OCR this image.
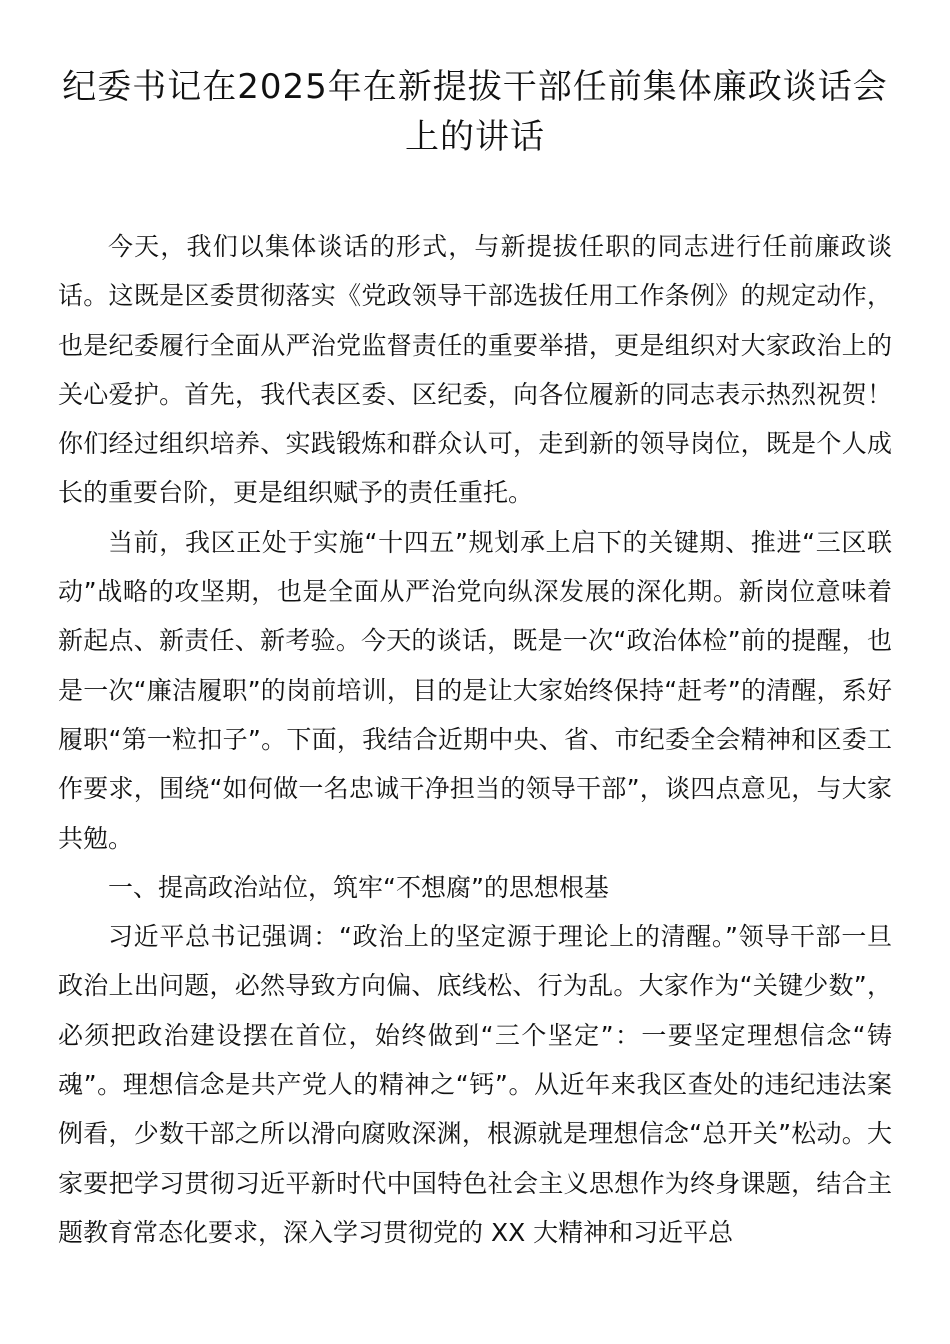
纪委书记在2025年在新提拔干部任前集体廉政谈话会上的讲话

今天，我们以集体谈话的形式，与新提拔任职的同志进行任前廉政谈话。这既是区委贯彻落实《党政领导干部选拔任用工作条例》的规定动作，也是纪委履行全面从严治党监督责任的重要举措，更是组织对大家政治上的关心爱护。首先，我代表区委、区纪委，向各位履新的同志表示热烈祝贺！你们经过组织培养、实践锻炼和群众认可，走到新的领导岗位，既是个人成长的重要台阶，更是组织赋予的责任重托。

当前，我区正处于实施“十四五”规划承上启下的关键期、推进“三区联动”战略的攻坚期，也是全面从严治党向纵深发展的深化期。新岗位意味着新起点、新责任、新考验。今天的谈话，既是一次“政治体检”前的提醒，也是一次“廉洁履职”的岗前培训，目的是让大家始终保持“赶考”的清醒，系好履职“第一粒扣子”。下面，我结合近期中央、省、市纪委全会精神和区委工作要求，围绕“如何做一名忠诚干净担当的领导干部”，谈四点意见，与大家共勉。

一、提高政治站位，筑牢“不想腐”的思想根基

习近平总书记强调：“政治上的坚定源于理论上的清醒。”领导干部一旦政治上出问题，必然导致方向偏、底线松、行为乱。大家作为“关键少数”，必须把政治建设摆在首位，始终做到“三个坚定”：一要坚定理想信念“铸魂”。理想信念是共产党人的精神之“钙”。从近年来我区查处的违纪违法案例看，少数干部之所以滑向腐败深渊，根源就是理想信念“总开关”松动。大家要把学习贯彻习近平新时代中国特色社会主义思想作为终身课题，结合主题教育常态化要求，深入学习贯彻党的 XX 大精神和习近平总
